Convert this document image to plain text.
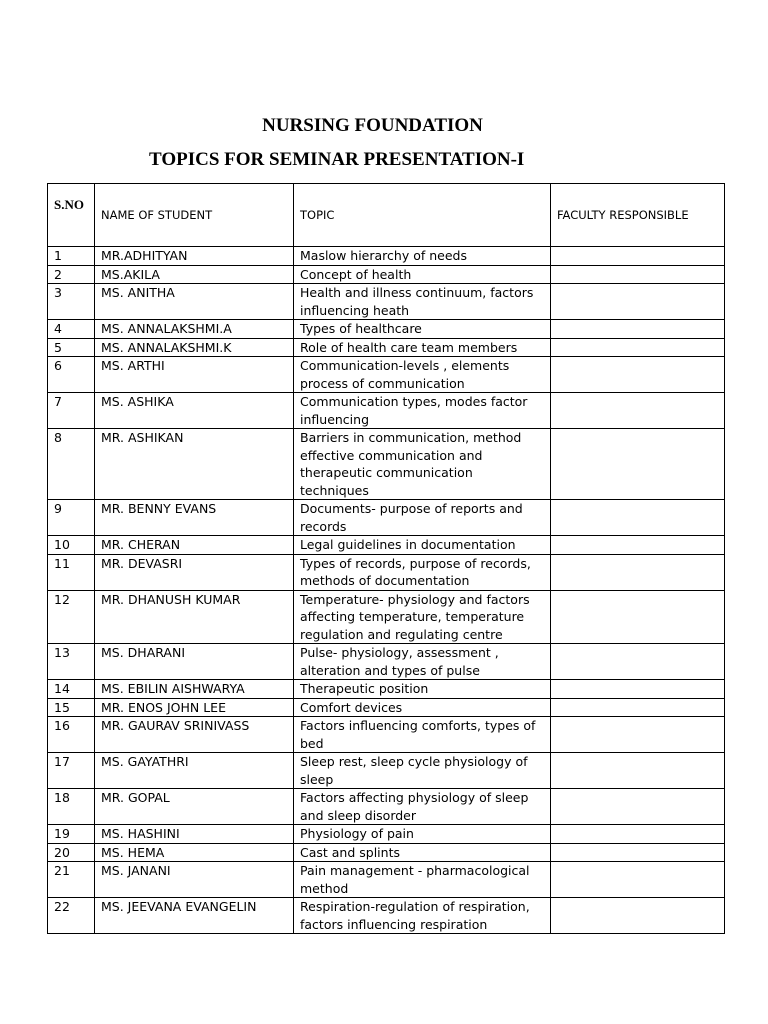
NURSING FOUNDATION
TOPICS FOR SEMINAR PRESENTATION-I
S.NO	NAME OF STUDENT	TOPIC	FACULTY RESPONSIBLE

1	MR.ADHITYAN	Maslow hierarchy of needs	

2	MS.AKILA	Concept of health	

3	MS. ANITHA	Health and illness continuum, factors influencing heath	

4	MS. ANNALAKSHMI.A	Types of healthcare	

5	MS. ANNALAKSHMI.K	Role of health care team members	

6	MS. ARTHI	Communication-levels , elements process of communication	

7	MS. ASHIKA	Communication types, modes factor influencing	

8	MR. ASHIKAN	Barriers in communication, method effective communication and therapeutic communication techniques	

9	MR. BENNY EVANS	Documents- purpose of reports and records	

10	MR. CHERAN	Legal guidelines in documentation	

11	MR. DEVASRI	Types of records, purpose of records, methods of documentation	

12	MR. DHANUSH KUMAR	Temperature- physiology and factors affecting temperature, temperature regulation and regulating centre	

13	MS. DHARANI	Pulse- physiology, assessment , alteration and types of pulse	

14	MS. EBILIN AISHWARYA	Therapeutic position	

15	MR. ENOS JOHN LEE	Comfort devices	

16	MR. GAURAV SRINIVASS	Factors influencing comforts, types of bed	

17	MS. GAYATHRI	Sleep rest, sleep cycle physiology of sleep	

18	MR. GOPAL	Factors affecting physiology of sleep and sleep disorder	

19	MS. HASHINI	Physiology of pain	

20	MS. HEMA	Cast and splints	

21	MS. JANANI	Pain management - pharmacological method	

22	MS. JEEVANA EVANGELIN	Respiration-regulation of respiration, factors influencing respiration	
